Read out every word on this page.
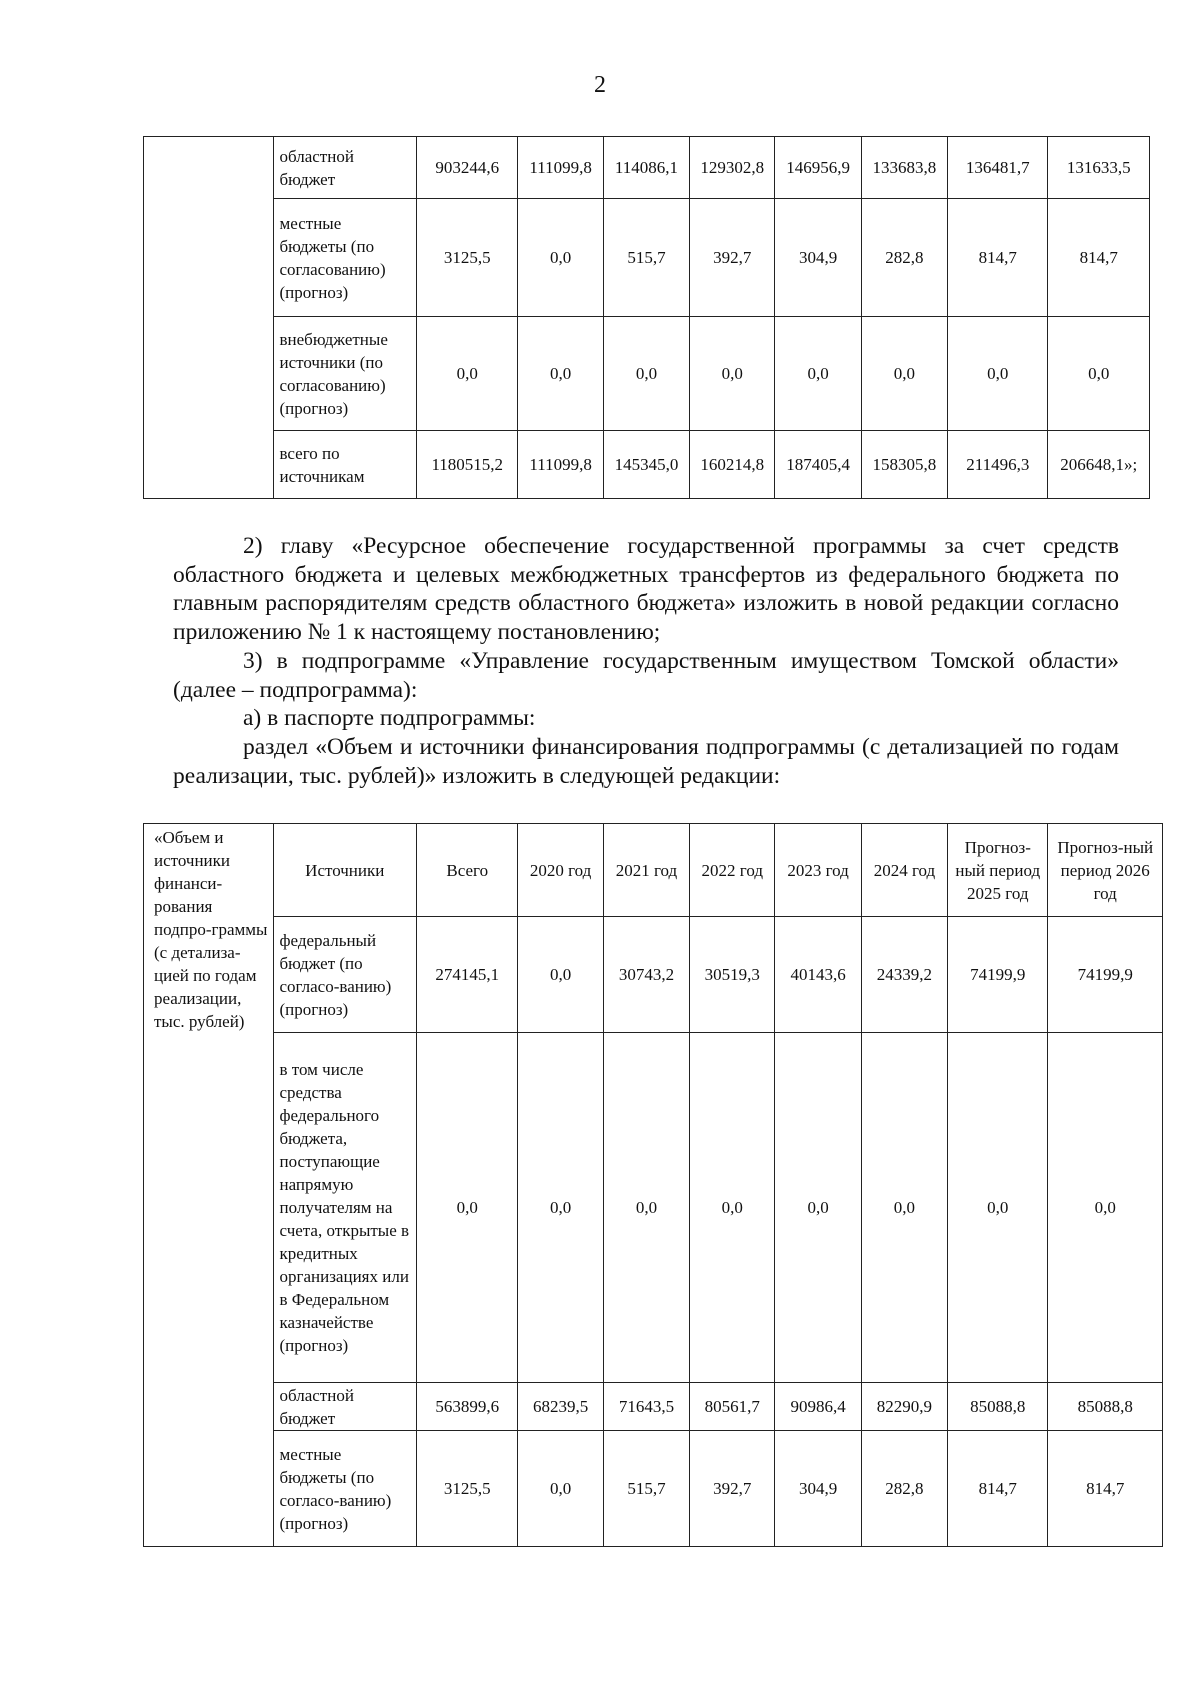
2
	областной бюджет	903244,6	111099,8	114086,1	129302,8	146956,9	133683,8	136481,7	131633,5
	местные бюджеты (по согласованию) (прогноз)	3125,5	0,0	515,7	392,7	304,9	282,8	814,7	814,7
	внебюджетные источники (по согласованию) (прогноз)	0,0	0,0	0,0	0,0	0,0	0,0	0,0	0,0
	всего по источникам	1180515,2	111099,8	145345,0	160214,8	187405,4	158305,8	211496,3	206648,1»;

2) главу «Ресурсное обеспечение государственной программы за счет средств областного бюджета и целевых межбюджетных трансфертов из федерального бюджета по главным распорядителям средств областного бюджета» изложить в новой редакции согласно приложению № 1 к настоящему постановлению;

3) в подпрограмме «Управление государственным имуществом Томской области» (далее – подпрограмма):

а) в паспорте подпрограммы:

раздел «Объем и источники финансирования подпрограммы (с детализацией по годам реализации, тыс. рублей)» изложить в следующей редакции:

«Объем и источники финанси-рования подпро-граммы (с детализа-цией по годам реализации, тыс. рублей)	Источники	Всего	2020 год	2021 год	2022 год	2023 год	2024 год	Прогноз-ный период 2025 год	Прогноз-ный период 2026 год
	федеральный бюджет (по согласо-ванию) (прогноз)	274145,1	0,0	30743,2	30519,3	40143,6	24339,2	74199,9	74199,9
	в том числе средства федерального бюджета, поступающие напрямую получателям на счета, открытые в кредитных организациях или в Федеральном казначействе (прогноз)	0,0	0,0	0,0	0,0	0,0	0,0	0,0	0,0
	областной бюджет	563899,6	68239,5	71643,5	80561,7	90986,4	82290,9	85088,8	85088,8
	местные бюджеты (по согласо-ванию) (прогноз)	3125,5	0,0	515,7	392,7	304,9	282,8	814,7	814,7
